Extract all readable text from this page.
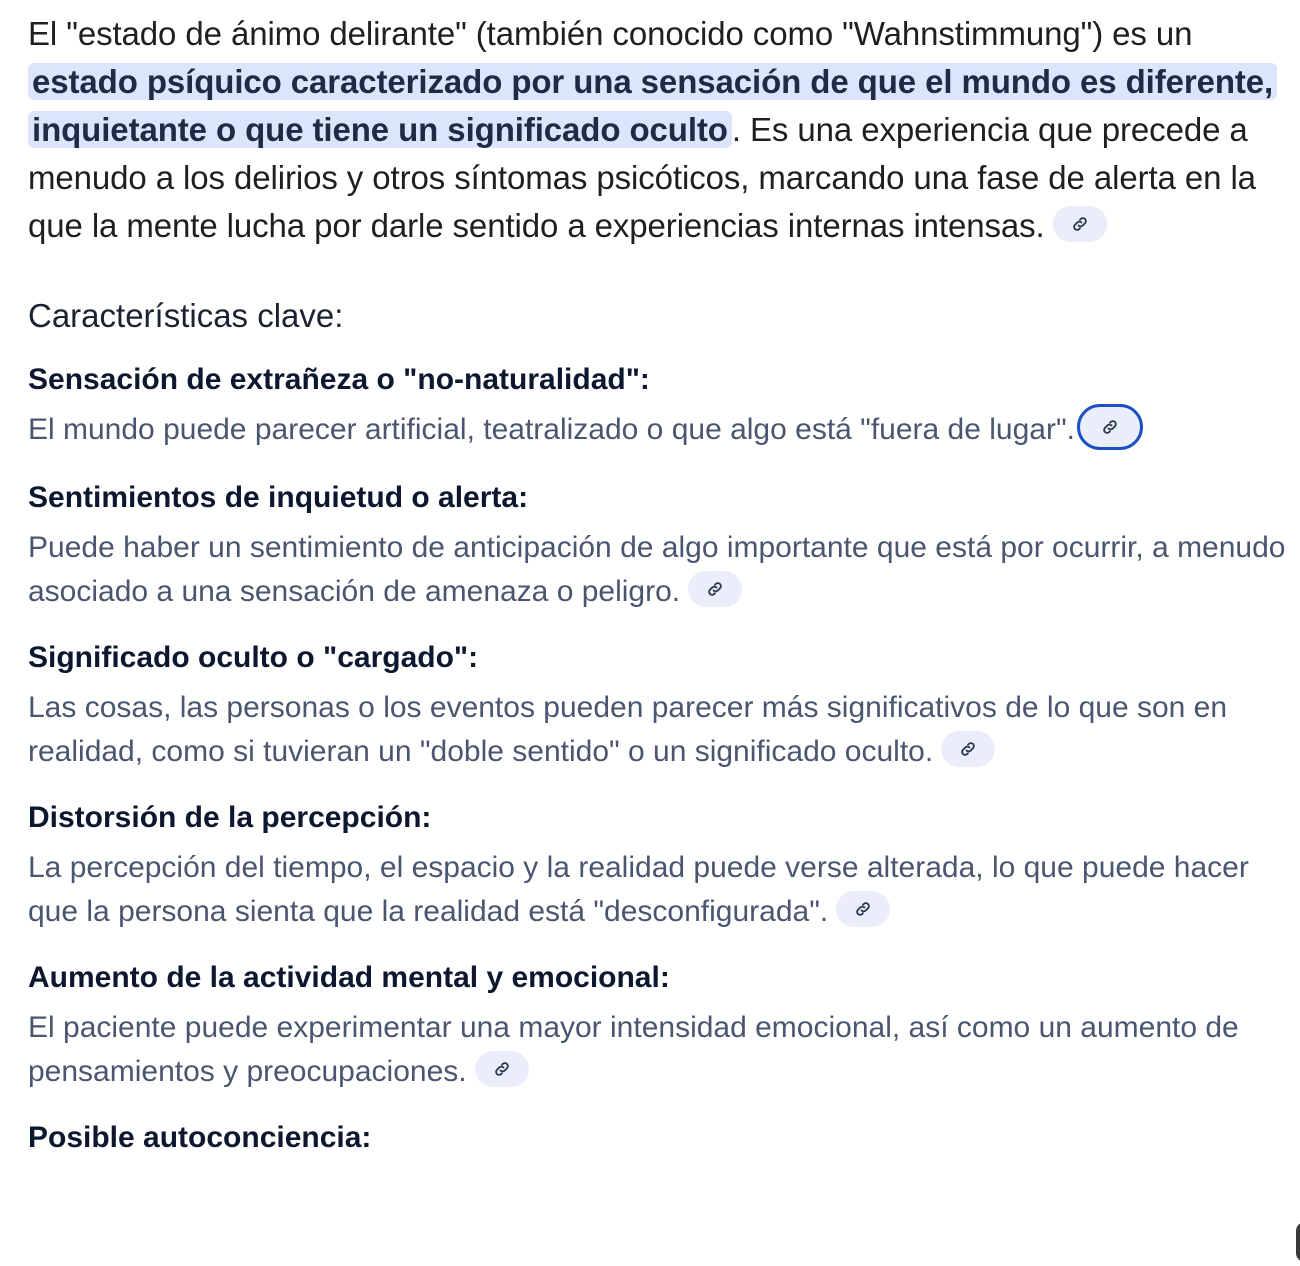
El "estado de ánimo delirante" (también conocido como "Wahnstimmung") es un estado psíquico caracterizado por una sensación de que el mundo es diferente, inquietante o que tiene un significado oculto . Es una experiencia que precede a menudo a los delirios y otros síntomas psicóticos, marcando una fase de alerta en la que la mente lucha por darle sentido a experiencias internas intensas.

Características clave:

Sensación de extrañeza o "no-naturalidad":

El mundo puede parecer artificial, teatralizado o que algo está "fuera de lugar".

Sentimientos de inquietud o alerta:

Puede haber un sentimiento de anticipación de algo importante que está por ocurrir, a menudo asociado a una sensación de amenaza o peligro.

Significado oculto o "cargado":

Las cosas, las personas o los eventos pueden parecer más significativos de lo que son en realidad, como si tuvieran un "doble sentido" o un significado oculto.

Distorsión de la percepción:

La percepción del tiempo, el espacio y la realidad puede verse alterada, lo que puede hacer que la persona sienta que la realidad está "desconfigurada".

Aumento de la actividad mental y emocional:

El paciente puede experimentar una mayor intensidad emocional, así como un aumento de pensamientos y preocupaciones.

Posible autoconciencia:
